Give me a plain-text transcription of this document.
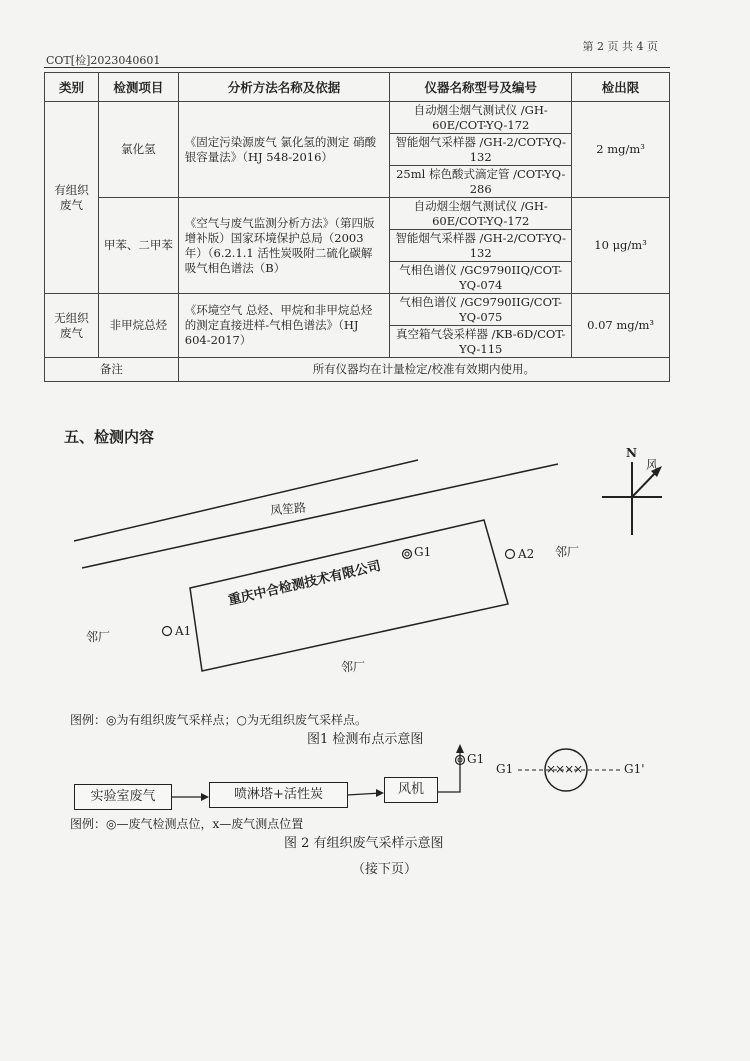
第 2 页 共 4 页
COT[检]2023040601
类别	检测项目	分析方法名称及依据	仪器名称型号及编号	检出限
有组织废气	氯化氢	《固定污染源废气 氯化氢的测定 硝酸银容量法》（HJ 548-2016）	自动烟尘烟气测试仪 /GH-60E/COT-YQ-172	2 mg/m³
			智能烟气采样器 /GH-2/COT-YQ-132	
			25ml 棕色酸式滴定管 /COT-YQ-286	
	甲苯、二甲苯	《空气与废气监测分析方法》（第四版增补版）国家环境保护总局（2003 年）（6.2.1.1 活性炭吸附二硫化碳解吸气相色谱法（B）	自动烟尘烟气测试仪 /GH-60E/COT-YQ-172	10 μg/m³
			智能烟气采样器 /GH-2/COT-YQ-132	
			气相色谱仪 /GC9790IIQ/COT-YQ-074	
无组织废气	非甲烷总烃	《环境空气 总烃、甲烷和非甲烷总烃的测定直接进样-气相色谱法》（HJ 604-2017）	气相色谱仪 /GC9790IIG/COT-YQ-075	0.07 mg/m³
			真空箱气袋采样器 /KB-6D/COT-YQ-115	
备注		所有仪器均在计量检定/校准有效期内使用。		
五、检测内容
N
风
凤笙路
重庆中合检测技术有限公司
G1	A2 邻厂
A1
邻厂
邻厂
图例：◎为有组织废气采样点；○为无组织废气采样点。
图1 检测布点示意图
实验室废气	喷淋塔+活性炭	风机
G1
G1	G1'
××××
图例：◎—废气检测点位，x—废气测点位置
图 2 有组织废气采样示意图
（接下页）
